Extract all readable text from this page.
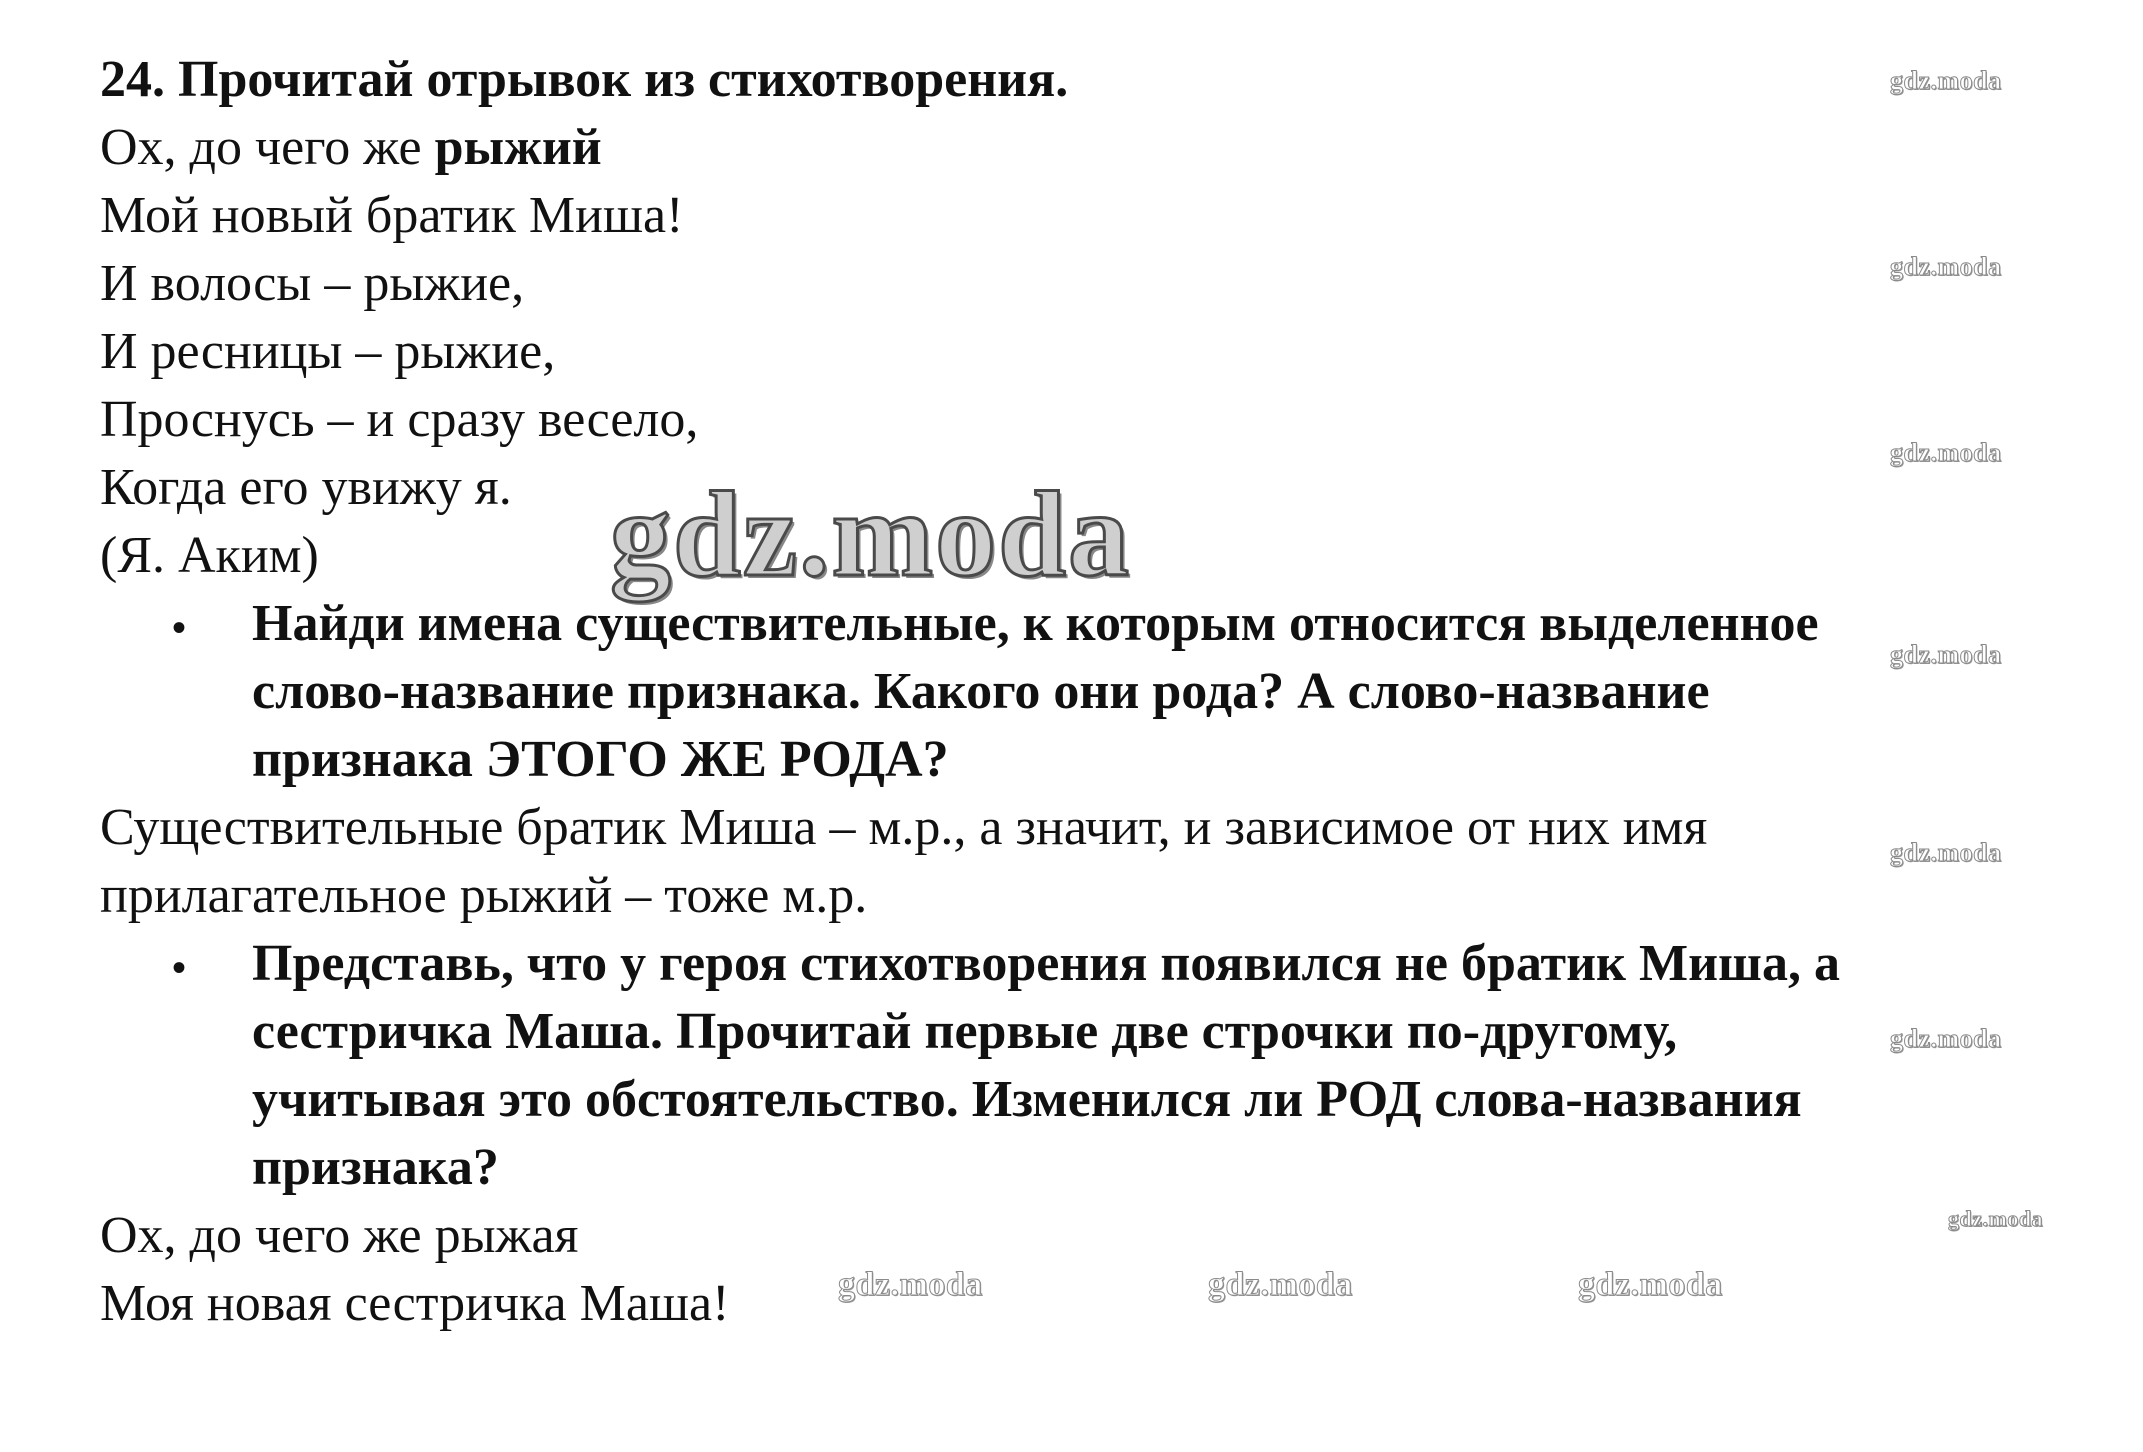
24. Прочитай отрывок из стихотворения.
Ох, до чего же рыжий
Мой новый братик Миша!
И волосы – рыжие,
И ресницы – рыжие,
Проснусь – и сразу весело,
Когда его увижу я.
(Я. Аким)
• Найди имена существительные, к которым относится выделенное
слово-название признака. Какого они рода? А слово-название
признака ЭТОГО ЖЕ РОДА?
Существительные братик Миша – м.р., а значит, и зависимое от них имя
прилагательное рыжий – тоже м.р.
• Представь, что у героя стихотворения появился не братик Миша, а
сестричка Маша. Прочитай первые две строчки по-другому,
учитывая это обстоятельство. Изменился ли РОД слова-названия
признака?
Ох, до чего же рыжая
Моя новая сестричка Маша!
gdz.moda
gdz.moda
gdz.moda
gdz.moda
gdz.moda
gdz.moda
gdz.moda
gdz.moda
gdz.moda	gdz.moda	gdz.moda
